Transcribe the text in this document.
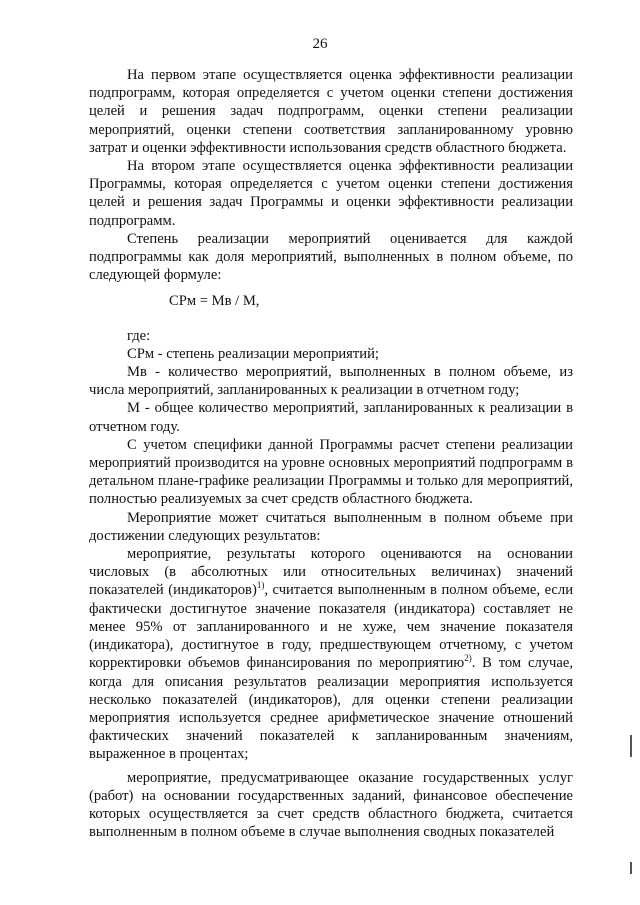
26

На первом этапе осуществляется оценка эффективности реализации подпрограмм, которая определяется с учетом оценки степени достижения целей и решения задач подпрограмм, оценки степени реализации мероприятий, оценки степени соответствия запланированному уровню затрат и оценки эффективности использования средств областного бюджета.

На втором этапе осуществляется оценка эффективности реализации Программы, которая определяется с учетом оценки степени достижения целей и решения задач Программы и оценки эффективности реализации подпрограмм.

Степень реализации мероприятий оценивается для каждой подпрограммы как доля мероприятий, выполненных в полном объеме, по следующей формуле:

СРм = Мв / М,

где:

СРм - степень реализации мероприятий;

Мв - количество мероприятий, выполненных в полном объеме, из числа мероприятий, запланированных к реализации в отчетном году;

М - общее количество мероприятий, запланированных к реализации в отчетном году.

С учетом специфики данной Программы расчет степени реализации мероприятий производится на уровне основных мероприятий подпрограмм в детальном плане-графике реализации Программы и только для мероприятий, полностью реализуемых за счет средств областного бюджета.

Мероприятие может считаться выполненным в полном объеме при достижении следующих результатов:

мероприятие, результаты которого оцениваются на основании числовых (в абсолютных или относительных величинах) значений показателей (индикаторов)$^{1)}$, считается выполненным в полном объеме, если фактически достигнутое значение показателя (индикатора) составляет не менее 95% от запланированного и не хуже, чем значение показателя (индикатора), достигнутое в году, предшествующем отчетному, с учетом корректировки объемов финансирования по мероприятию$^{2)}$. В том случае, когда для описания результатов реализации мероприятия используется несколько показателей (индикаторов), для оценки степени реализации мероприятия используется среднее арифметическое значение отношений фактических значений показателей к запланированным значениям, выраженное в процентах;

мероприятие, предусматривающее оказание государственных услуг (работ) на основании государственных заданий, финансовое обеспечение которых осуществляется за счет средств областного бюджета, считается выполненным в полном объеме в случае выполнения сводных показателей
